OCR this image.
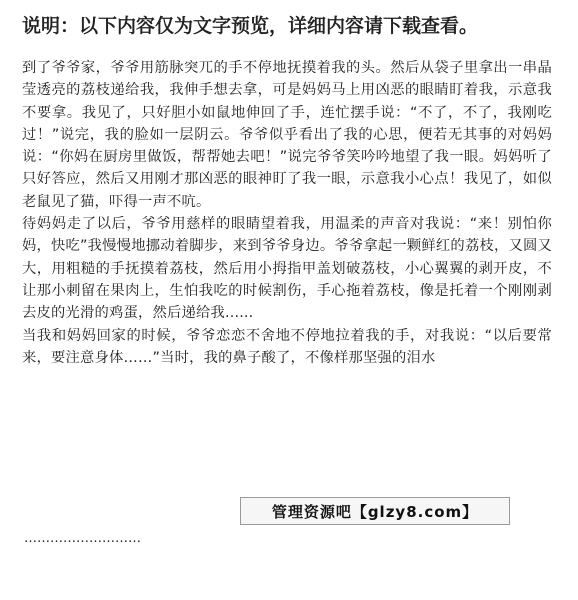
说明：以下内容仅为文字预览，详细内容请下载查看。

到了爷爷家，爷爷用筋脉突兀的手不停地抚摸着我的头。然后从袋子里拿出一串晶莹透亮的荔枝递给我，我伸手想去拿，可是妈妈马上用凶恶的眼睛盯着我，示意我不要拿。我见了，只好胆小如鼠地伸回了手，连忙摆手说：“不了，不了，我刚吃过！”说完，我的脸如一层阴云。爷爷似乎看出了我的心思，便若无其事的对妈妈说：“你妈在厨房里做饭，帮帮她去吧！”说完爷爷笑吟吟地望了我一眼。妈妈听了只好答应，然后又用刚才那凶恶的眼神盯了我一眼，示意我小心点！我见了，如似老鼠见了猫，吓得一声不吭。

待妈妈走了以后，爷爷用慈样的眼睛望着我，用温柔的声音对我说：“来！别怕你妈，快吃”我慢慢地挪动着脚步，来到爷爷身边。爷爷拿起一颗鲜红的荔枝，又圆又大，用粗糙的手抚摸着荔枝，然后用小拇指甲盖划破荔枝，小心翼翼的剥开皮，不让那小刺留在果肉上，生怕我吃的时候割伤，手心拖着荔枝，像是托着一个刚刚剥去皮的光滑的鸡蛋，然后递给我......

当我和妈妈回家的时候，爷爷恋恋不舍地不停地拉着我的手，对我说：“以后要常来，要注意身体……”当时，我的鼻子酸了，不像样那坚强的泪水

………………………
管理资源吧【glzy8.com】
